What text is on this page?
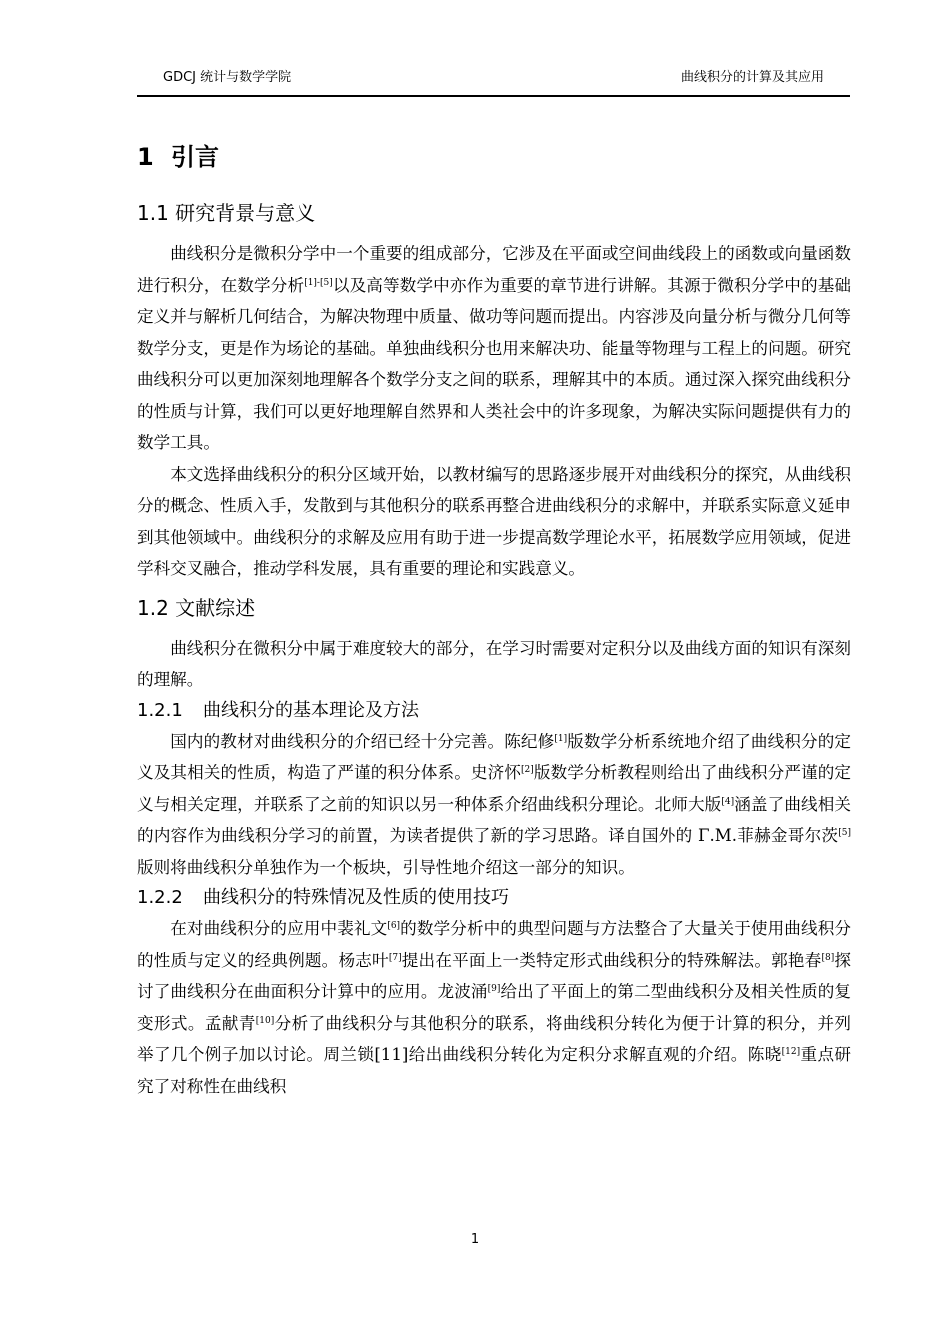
GDCJ 统计与数学学院	曲线积分的计算及其应用
1 引言
1.1 研究背景与意义

曲线积分是微积分学中一个重要的组成部分，它涉及在平面或空间曲线段上的函数或向量函数进行积分，在数学分析[1]-[5]以及高等数学中亦作为重要的章节进行讲解。其源于微积分学中的基础定义并与解析几何结合，为解决物理中质量、做功等问题而提出。内容涉及向量分析与微分几何等数学分支，更是作为场论的基础。单独曲线积分也用来解决功、能量等物理与工程上的问题。研究曲线积分可以更加深刻地理解各个数学分支之间的联系，理解其中的本质。通过深入探究曲线积分的性质与计算，我们可以更好地理解自然界和人类社会中的许多现象，为解决实际问题提供有力的数学工具。

本文选择曲线积分的积分区域开始，以教材编写的思路逐步展开对曲线积分的探究，从曲线积分的概念、性质入手，发散到与其他积分的联系再整合进曲线积分的求解中，并联系实际意义延申到其他领域中。曲线积分的求解及应用有助于进一步提高数学理论水平，拓展数学应用领域，促进学科交叉融合，推动学科发展，具有重要的理论和实践意义。

1.2 文献综述

曲线积分在微积分中属于难度较大的部分，在学习时需要对定积分以及曲线方面的知识有深刻的理解。

1.2.1 曲线积分的基本理论及方法

国内的教材对曲线积分的介绍已经十分完善。陈纪修[1]版数学分析系统地介绍了曲线积分的定义及其相关的性质，构造了严谨的积分体系。史济怀[2]版数学分析教程则给出了曲线积分严谨的定义与相关定理，并联系了之前的知识以另一种体系介绍曲线积分理论。北师大版[4]涵盖了曲线相关的内容作为曲线积分学习的前置，为读者提供了新的学习思路。译自国外的 Γ.M.菲赫金哥尔茨[5]版则将曲线积分单独作为一个板块，引导性地介绍这一部分的知识。

1.2.2 曲线积分的特殊情况及性质的使用技巧

在对曲线积分的应用中裴礼文[6]的数学分析中的典型问题与方法整合了大量关于使用曲线积分的性质与定义的经典例题。杨志叶[7]提出在平面上一类特定形式曲线积分的特殊解法。郭艳春[8]探讨了曲线积分在曲面积分计算中的应用。龙波涌[9]给出了平面上的第二型曲线积分及相关性质的复变形式。孟献青[10]分析了曲线积分与其他积分的联系，将曲线积分转化为便于计算的积分，并列举了几个例子加以讨论。周兰锁[11]给出曲线积分转化为定积分求解直观的介绍。陈晓[12]重点研究了对称性在曲线积

1
